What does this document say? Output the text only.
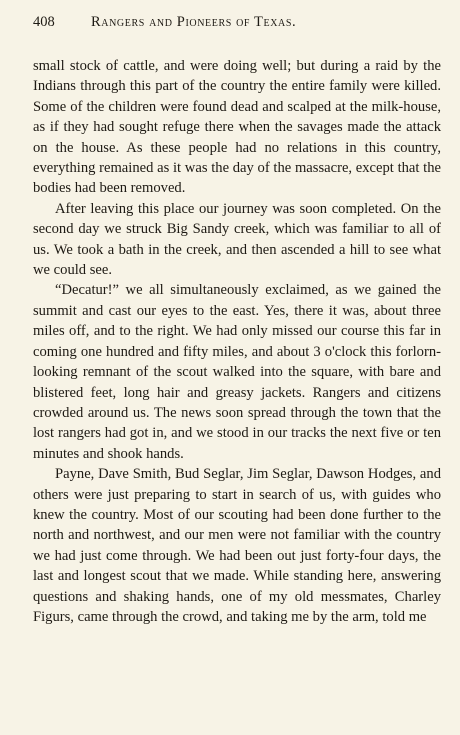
408	Rangers and Pioneers of Texas.

small stock of cattle, and were doing well; but during a raid by the Indians through this part of the country the entire family were killed. Some of the children were found dead and scalped at the milk-house, as if they had sought refuge there when the savages made the attack on the house. As these people had no relations in this country, everything remained as it was the day of the massacre, except that the bodies had been removed.

After leaving this place our journey was soon completed. On the second day we struck Big Sandy creek, which was familiar to all of us. We took a bath in the creek, and then ascended a hill to see what we could see.

“Decatur!” we all simultaneously exclaimed, as we gained the summit and cast our eyes to the east. Yes, there it was, about three miles off, and to the right. We had only missed our course this far in coming one hundred and fifty miles, and about 3 o'clock this forlorn-looking remnant of the scout walked into the square, with bare and blistered feet, long hair and greasy jackets. Rangers and citizens crowded around us. The news soon spread through the town that the lost rangers had got in, and we stood in our tracks the next five or ten minutes and shook hands.

Payne, Dave Smith, Bud Seglar, Jim Seglar, Dawson Hodges, and others were just preparing to start in search of us, with guides who knew the country. Most of our scouting had been done further to the north and northwest, and our men were not familiar with the country we had just come through. We had been out just forty-four days, the last and longest scout that we made. While standing here, answering questions and shaking hands, one of my old messmates, Charley Figurs, came through the crowd, and taking me by the arm, told me
